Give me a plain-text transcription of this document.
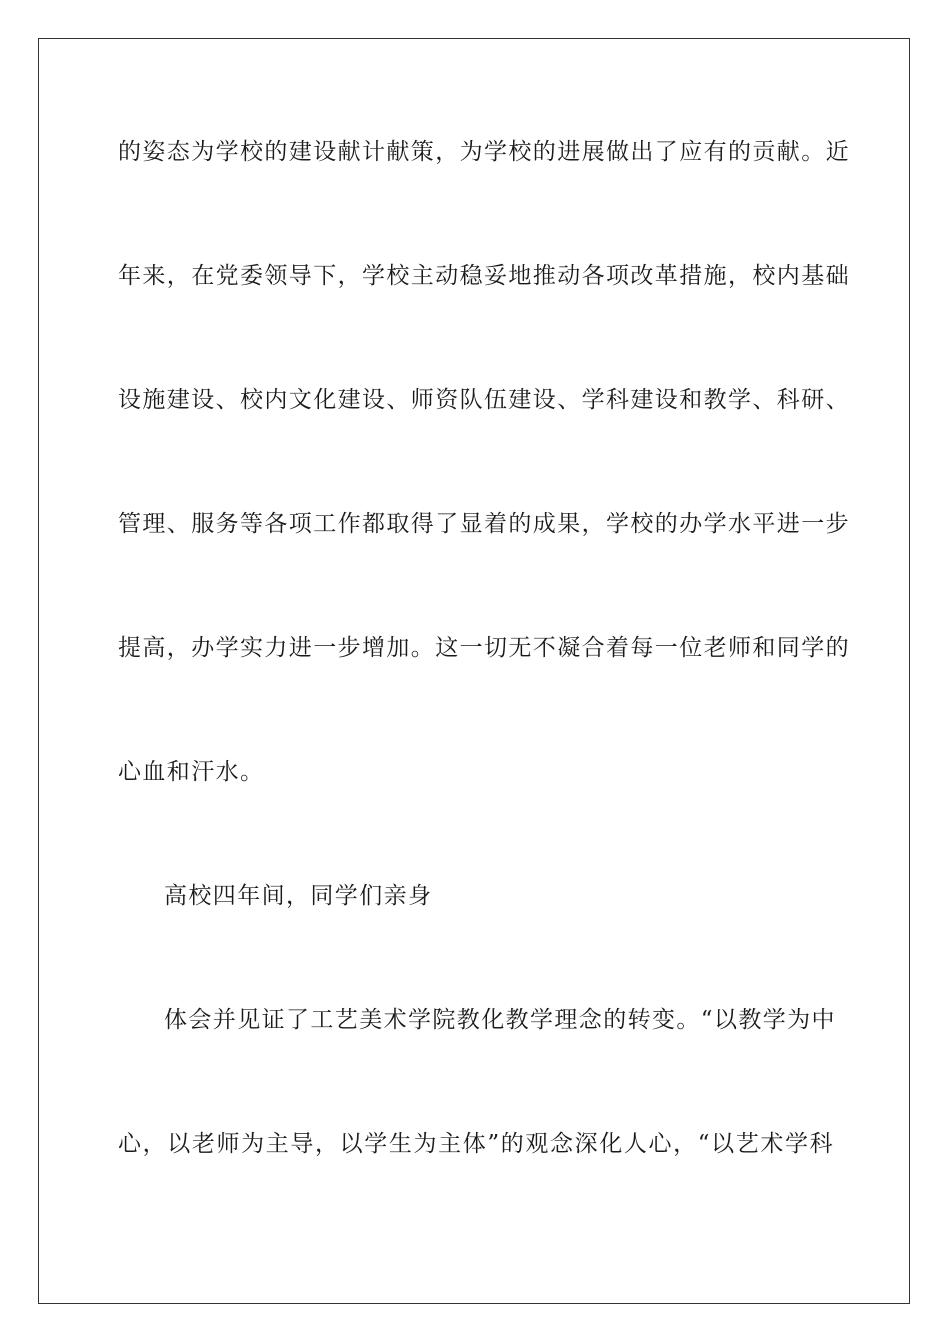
的姿态为学校的建设献计献策，为学校的进展做出了应有的贡献。近
年来，在党委领导下，学校主动稳妥地推动各项改革措施，校内基础
设施建设、校内文化建设、师资队伍建设、学科建设和教学、科研、
管理、服务等各项工作都取得了显着的成果，学校的办学水平进一步
提高，办学实力进一步增加。这一切无不凝合着每一位老师和同学的
心血和汗水。
高校四年间，同学们亲身
体会并见证了工艺美术学院教化教学理念的转变。“以教学为中
心，以老师为主导，以学生为主体”的观念深化人心，“以艺术学科
